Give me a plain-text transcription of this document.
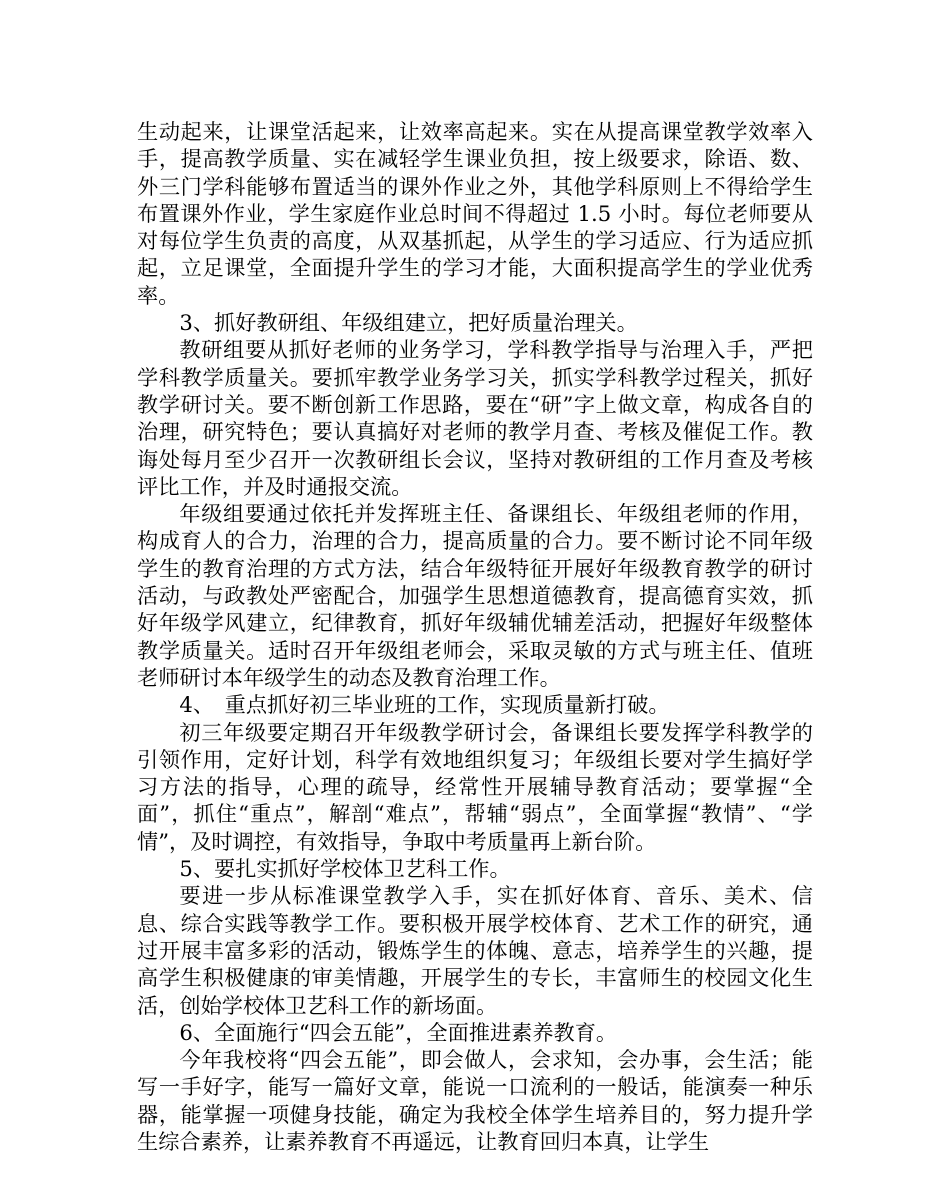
生动起来，让课堂活起来，让效率高起来。实在从提高课堂教学效率入手，提高教学质量、实在减轻学生课业负担，按上级要求，除语、数、外三门学科能够布置适当的课外作业之外，其他学科原则上不得给学生布置课外作业，学生家庭作业总时间不得超过 1.5 小时。每位老师要从对每位学生负责的高度，从双基抓起，从学生的学习适应、行为适应抓起，立足课堂，全面提升学生的学习才能，大面积提高学生的学业优秀率。

3、抓好教研组、年级组建立，把好质量治理关。

教研组要从抓好老师的业务学习，学科教学指导与治理入手，严把学科教学质量关。要抓牢教学业务学习关，抓实学科教学过程关，抓好教学研讨关。要不断创新工作思路，要在“研”字上做文章，构成各自的治理，研究特色；要认真搞好对老师的教学月查、考核及催促工作。教诲处每月至少召开一次教研组长会议，坚持对教研组的工作月查及考核评比工作，并及时通报交流。

年级组要通过依托并发挥班主任、备课组长、年级组老师的作用，构成育人的合力，治理的合力，提高质量的合力。要不断讨论不同年级学生的教育治理的方式方法，结合年级特征开展好年级教育教学的研讨活动，与政教处严密配合，加强学生思想道德教育，提高德育实效，抓好年级学风建立，纪律教育，抓好年级辅优辅差活动，把握好年级整体教学质量关。适时召开年级组老师会，采取灵敏的方式与班主任、值班老师研讨本年级学生的动态及教育治理工作。

4、　重点抓好初三毕业班的工作，实现质量新打破。

初三年级要定期召开年级教学研讨会，备课组长要发挥学科教学的引领作用，定好计划，科学有效地组织复习；年级组长要对学生搞好学习方法的指导，心理的疏导，经常性开展辅导教育活动；要掌握“全面”，抓住“重点”，解剖“难点”，帮辅“弱点”，全面掌握“教情”、“学情”，及时调控，有效指导，争取中考质量再上新台阶。

5、要扎实抓好学校体卫艺科工作。

要进一步从标准课堂教学入手，实在抓好体育、音乐、美术、信息、综合实践等教学工作。要积极开展学校体育、艺术工作的研究，通过开展丰富多彩的活动，锻炼学生的体魄、意志，培养学生的兴趣，提高学生积极健康的审美情趣，开展学生的专长，丰富师生的校园文化生活，创始学校体卫艺科工作的新场面。

6、全面施行“四会五能”，全面推进素养教育。

今年我校将“四会五能”，即会做人，会求知，会办事，会生活；能写一手好字，能写一篇好文章，能说一口流利的一般话，能演奏一种乐器，能掌握一项健身技能，确定为我校全体学生培养目的，努力提升学生综合素养，让素养教育不再遥远，让教育回归本真，让学生
